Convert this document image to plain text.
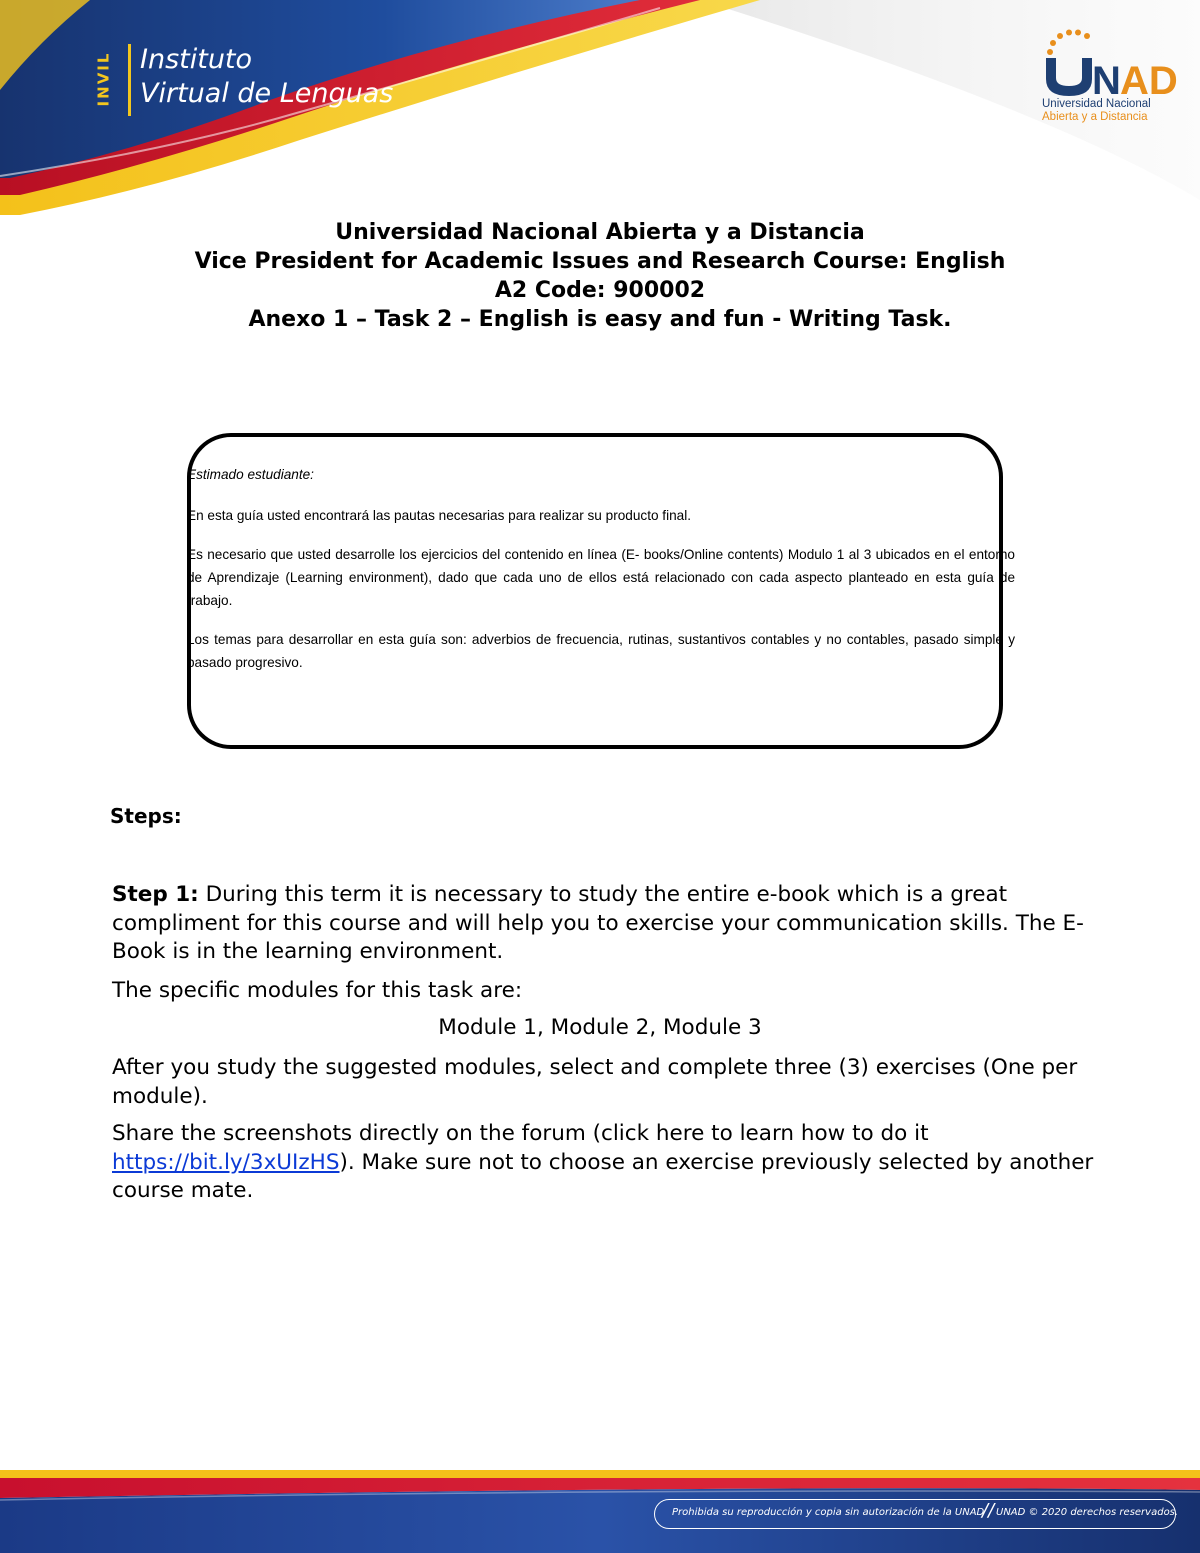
INVIL Instituto
Virtual de Lenguas	N AD
Universidad Nacional
Abierta y a Distancia
Universidad Nacional Abierta y a Distancia
Vice President for Academic Issues and Research Course: English
A2 Code: 900002
Anexo 1 – Task 2 – English is easy and fun - Writing Task.

Estimado estudiante:

En esta guía usted encontrará las pautas necesarias para realizar su producto final.

Es necesario que usted desarrolle los ejercicios del contenido en línea (E- books/Online contents) Modulo 1 al 3 ubicados en el entorno de Aprendizaje (Learning environment), dado que cada uno de ellos está relacionado con cada aspecto planteado en esta guía de trabajo.

Los temas para desarrollar en esta guía son: adverbios de frecuencia, rutinas, sustantivos contables y no contables, pasado simple y pasado progresivo.

Steps:
Step 1: During this term it is necessary to study the entire e-book which is a great compliment for this course and will help you to exercise your communication skills. The E-Book is in the learning environment.
The specific modules for this task are:
Module 1, Module 2, Module 3
After you study the suggested modules, select and complete three (3) exercises (One per module).
Share the screenshots directly on the forum (click here to learn how to do it https://bit.ly/3xUIzHS). Make sure not to choose an exercise previously selected by another course mate.
Prohibida su reproducción y copia sin autorización de la UNAD
// UNAD © 2020 derechos reservados.
